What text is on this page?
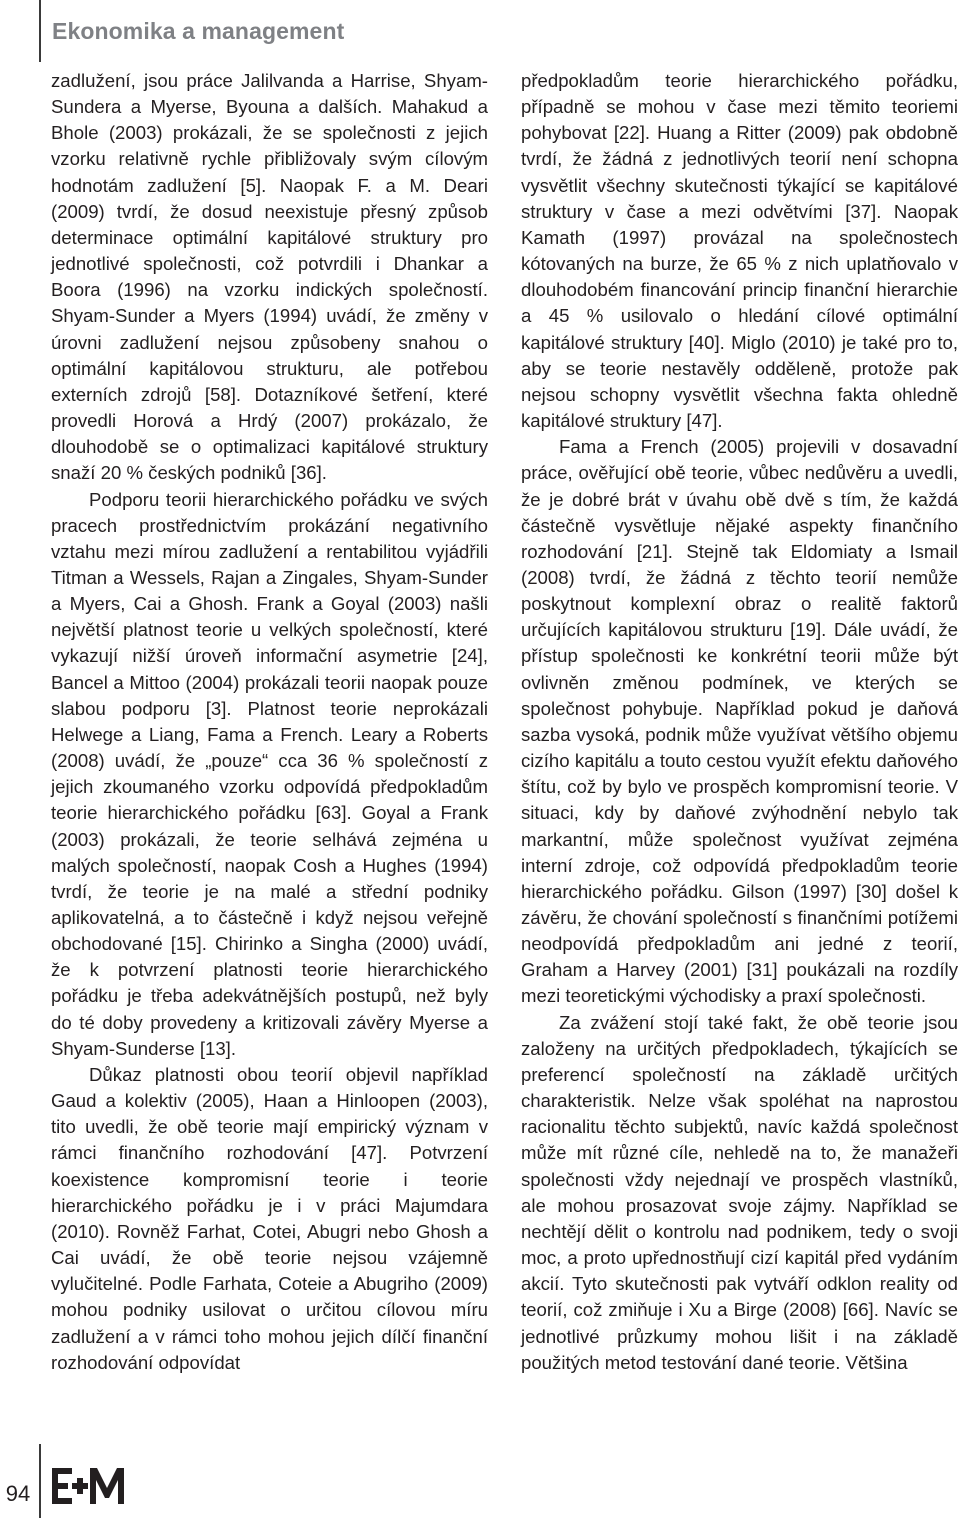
Ekonomika a management

zadlužení, jsou práce Jalilvanda a Harrise, Shyam-Sundera a Myerse, Byouna a dalších. Mahakud a Bhole (2003) prokázali, že se společnosti z jejich vzorku relativně rychle přibližovaly svým cílovým hodnotám zadlužení [5]. Naopak F. a M. Deari (2009) tvrdí, že dosud neexistuje přesný způsob determinace optimální kapitálové struktury pro jednotlivé společnosti, což potvrdili i Dhankar a Boora (1996) na vzorku indických společností. Shyam-Sunder a Myers (1994) uvádí, že změny v úrovni zadlužení nejsou způsobeny snahou o optimální kapitálovou strukturu, ale potřebou externích zdrojů [58]. Dotazníkové šetření, které provedli Horová a Hrdý (2007) prokázalo, že dlouhodobě se o optimalizaci kapitálové struktury snaží 20 % českých podniků [36].

Podporu teorii hierarchického pořádku ve svých pracech prostřednictvím prokázání negativního vztahu mezi mírou zadlužení a rentabilitou vyjádřili Titman a Wessels, Rajan a Zingales, Shyam-Sunder a Myers, Cai a Ghosh. Frank a Goyal (2003) našli největší platnost teorie u velkých společností, které vykazují nižší úroveň informační asymetrie [24], Bancel a Mittoo (2004) prokázali teorii naopak pouze slabou podporu [3]. Platnost teorie neprokázali Helwege a Liang, Fama a French. Leary a Roberts (2008) uvádí, že „pouze“ cca 36 % společností z jejich zkoumaného vzorku odpovídá předpokladům teorie hierarchického pořádku [63]. Goyal a Frank (2003) prokázali, že teorie selhává zejména u malých společností, naopak Cosh a Hughes (1994) tvrdí, že teorie je na malé a střední podniky aplikovatelná, a to částečně i když nejsou veřejně obchodované [15]. Chirinko a Singha (2000) uvádí, že k potvrzení platnosti teorie hierarchického pořádku je třeba adekvátnějších postupů, než byly do té doby provedeny a kritizovali závěry Myerse a Shyam-Sunderse [13].

Důkaz platnosti obou teorií objevil například Gaud a kolektiv (2005), Haan a Hinloopen (2003), tito uvedli, že obě teorie mají empirický význam v rámci finančního rozhodování [47]. Potvrzení koexistence kompromisní teorie i teorie hierarchického pořádku je i v práci Majumdara (2010). Rovněž Farhat, Cotei, Abugri nebo Ghosh a Cai uvádí, že obě teorie nejsou vzájemně vylučitelné. Podle Farhata, Coteie a Abugriho (2009) mohou podniky usilovat o určitou cílovou míru zadlužení a v rámci toho mohou jejich dílčí finanční rozhodování odpovídat

předpokladům teorie hierarchického pořádku, případně se mohou v čase mezi těmito teoriemi pohybovat [22]. Huang a Ritter (2009) pak obdobně tvrdí, že žádná z jednotlivých teorií není schopna vysvětlit všechny skutečnosti týkající se kapitálové struktury v čase a mezi odvětvími [37]. Naopak Kamath (1997) provázal na společnostech kótovaných na burze, že 65 % z nich uplatňovalo v dlouhodobém financování princip finanční hierarchie a 45 % usilovalo o hledání cílové optimální kapitálové struktury [40]. Miglo (2010) je také pro to, aby se teorie nestavěly odděleně, protože pak nejsou schopny vysvětlit všechna fakta ohledně kapitálové struktury [47].

Fama a French (2005) projevili v dosavadní práce, ověřující obě teorie, vůbec nedůvěru a uvedli, že je dobré brát v úvahu obě dvě s tím, že každá částečně vysvětluje nějaké aspekty finančního rozhodování [21]. Stejně tak Eldomiaty a Ismail (2008) tvrdí, že žádná z těchto teorií nemůže poskytnout komplexní obraz o realitě faktorů určujících kapitálovou strukturu [19]. Dále uvádí, že přístup společnosti ke konkrétní teorii může být ovlivněn změnou podmínek, ve kterých se společnost pohybuje. Například pokud je daňová sazba vysoká, podnik může využívat většího objemu cizího kapitálu a touto cestou využít efektu daňového štítu, což by bylo ve prospěch kompromisní teorie. V situaci, kdy by daňové zvýhodnění nebylo tak markantní, může společnost využívat zejména interní zdroje, což odpovídá předpokladům teorie hierarchického pořádku. Gilson (1997) [30] došel k závěru, že chování společností s finančními potížemi neodpovídá předpokladům ani jedné z teorií, Graham a Harvey (2001) [31] poukázali na rozdíly mezi teoretickými východisky a praxí společnosti.

Za zvážení stojí také fakt, že obě teorie jsou založeny na určitých předpokladech, týkajících se preferencí společností na základě určitých charakteristik. Nelze však spoléhat na naprostou racionalitu těchto subjektů, navíc každá společnost může mít různé cíle, nehledě na to, že manažeři společnosti vždy nejednají ve prospěch vlastníků, ale mohou prosazovat svoje zájmy. Například se nechtějí dělit o kontrolu nad podnikem, tedy o svoji moc, a proto upřednostňují cizí kapitál před vydáním akcií. Tyto skutečnosti pak vytváří odklon reality od teorií, což zmiňuje i Xu a Birge (2008) [66]. Navíc se jednotlivé průzkumy mohou lišit i na základě použitých metod testování dané teorie. Většina

94
